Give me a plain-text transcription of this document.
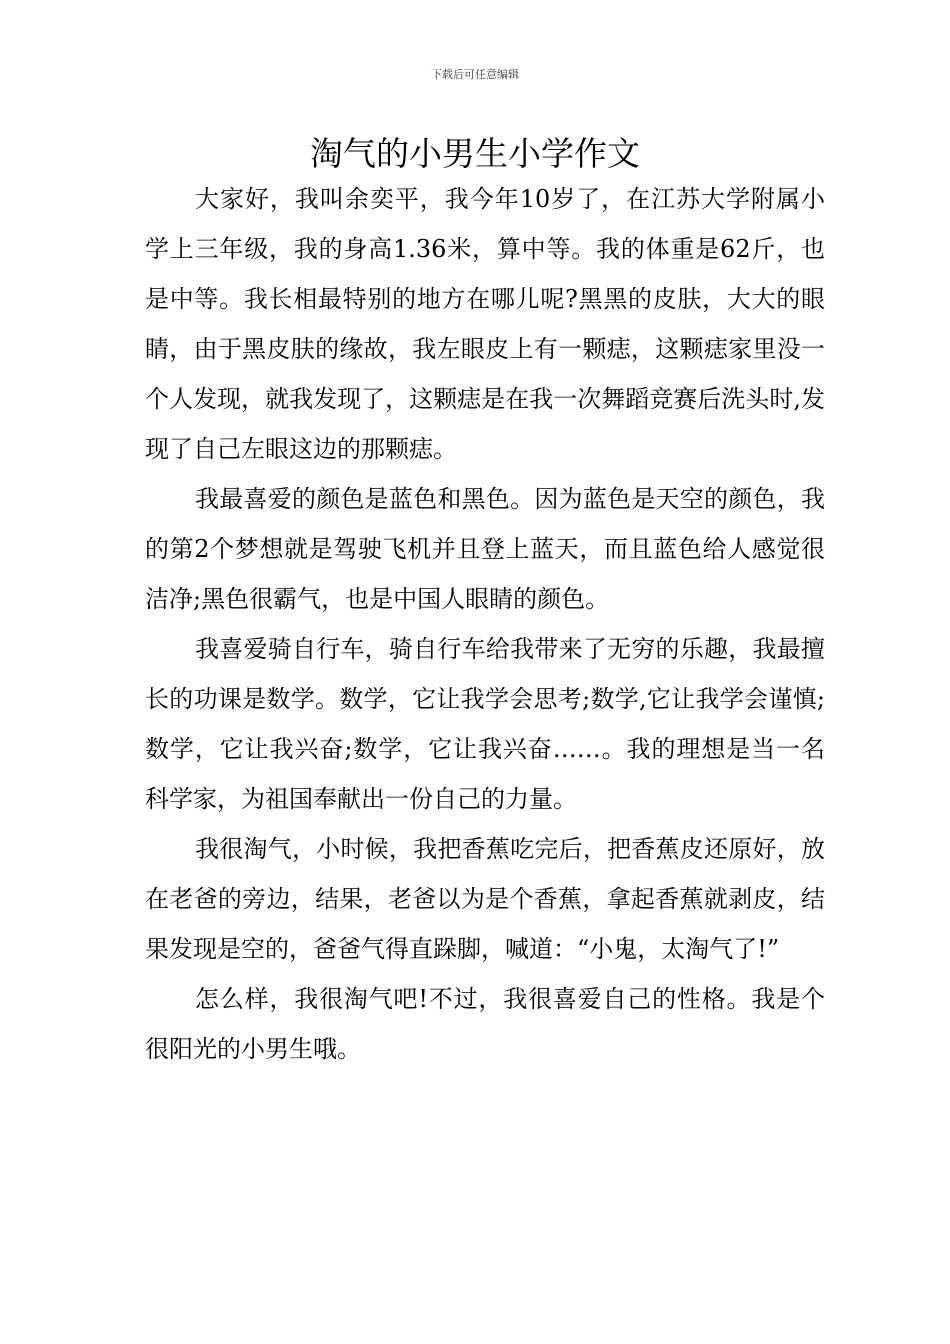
下载后可任意编辑
淘气的小男生小学作文

大家好，我叫余奕平，我今年10岁了，在江苏大学附属小学上三年级，我的身高1.36米，算中等。我的体重是62斤，也是中等。我长相最特别的地方在哪儿呢?黑黑的皮肤，大大的眼睛，由于黑皮肤的缘故，我左眼皮上有一颗痣，这颗痣家里没一个人发现，就我发现了，这颗痣是在我一次舞蹈竞赛后洗头时,发现了自己左眼这边的那颗痣。

我最喜爱的颜色是蓝色和黑色。因为蓝色是天空的颜色，我的第2个梦想就是驾驶飞机并且登上蓝天，而且蓝色给人感觉很洁净;黑色很霸气，也是中国人眼睛的颜色。

我喜爱骑自行车，骑自行车给我带来了无穷的乐趣，我最擅长的功课是数学。数学，它让我学会思考;数学,它让我学会谨慎;数学，它让我兴奋;数学，它让我兴奋……。我的理想是当一名科学家，为祖国奉献出一份自己的力量。

我很淘气，小时候，我把香蕉吃完后，把香蕉皮还原好，放在老爸的旁边，结果，老爸以为是个香蕉，拿起香蕉就剥皮，结果发现是空的，爸爸气得直跺脚，喊道：“小鬼，太淘气了!”

怎么样，我很淘气吧!不过，我很喜爱自己的性格。我是个很阳光的小男生哦。
